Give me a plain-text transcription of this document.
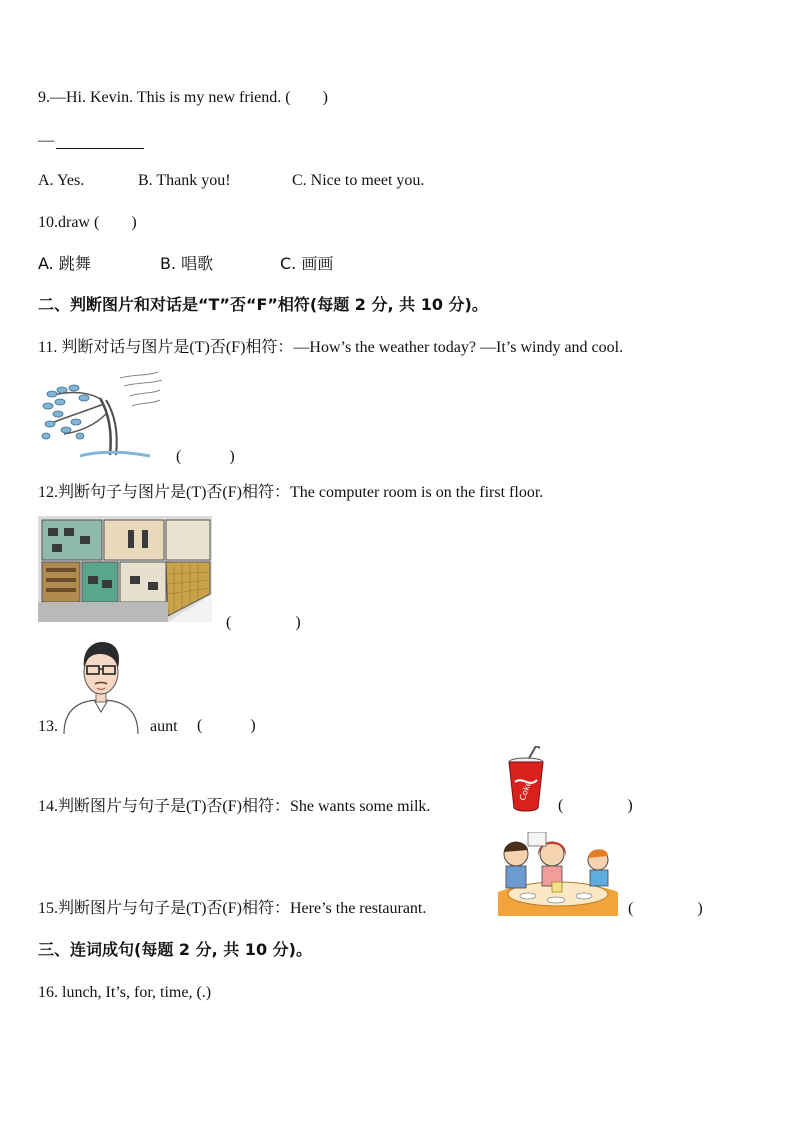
9.—Hi. Kevin. This is my new friend. (　　)
—
A. Yes.	B. Thank you!	C. Nice to meet you.
10.draw (　　)
A. 跳舞	B. 唱歌	C. 画画
二、判断图片和对话是“T”否“F”相符(每题 2 分, 共 10 分)。
11. 判断对话与图片是(T)否(F)相符：—How’s the weather today? —It’s windy and cool.
(　　　)
12.判断句子与图片是(T)否(F)相符：The computer room is on the first floor.
(　　　　)
13.	aunt (　　　)
14.判断图片与句子是(T)否(F)相符：She wants some milk.
Coke
(　　　　)
15.判断图片与句子是(T)否(F)相符：Here’s the restaurant.	(　　　　)
三、连词成句(每题 2 分, 共 10 分)。
16. lunch, It’s, for, time, (.)
